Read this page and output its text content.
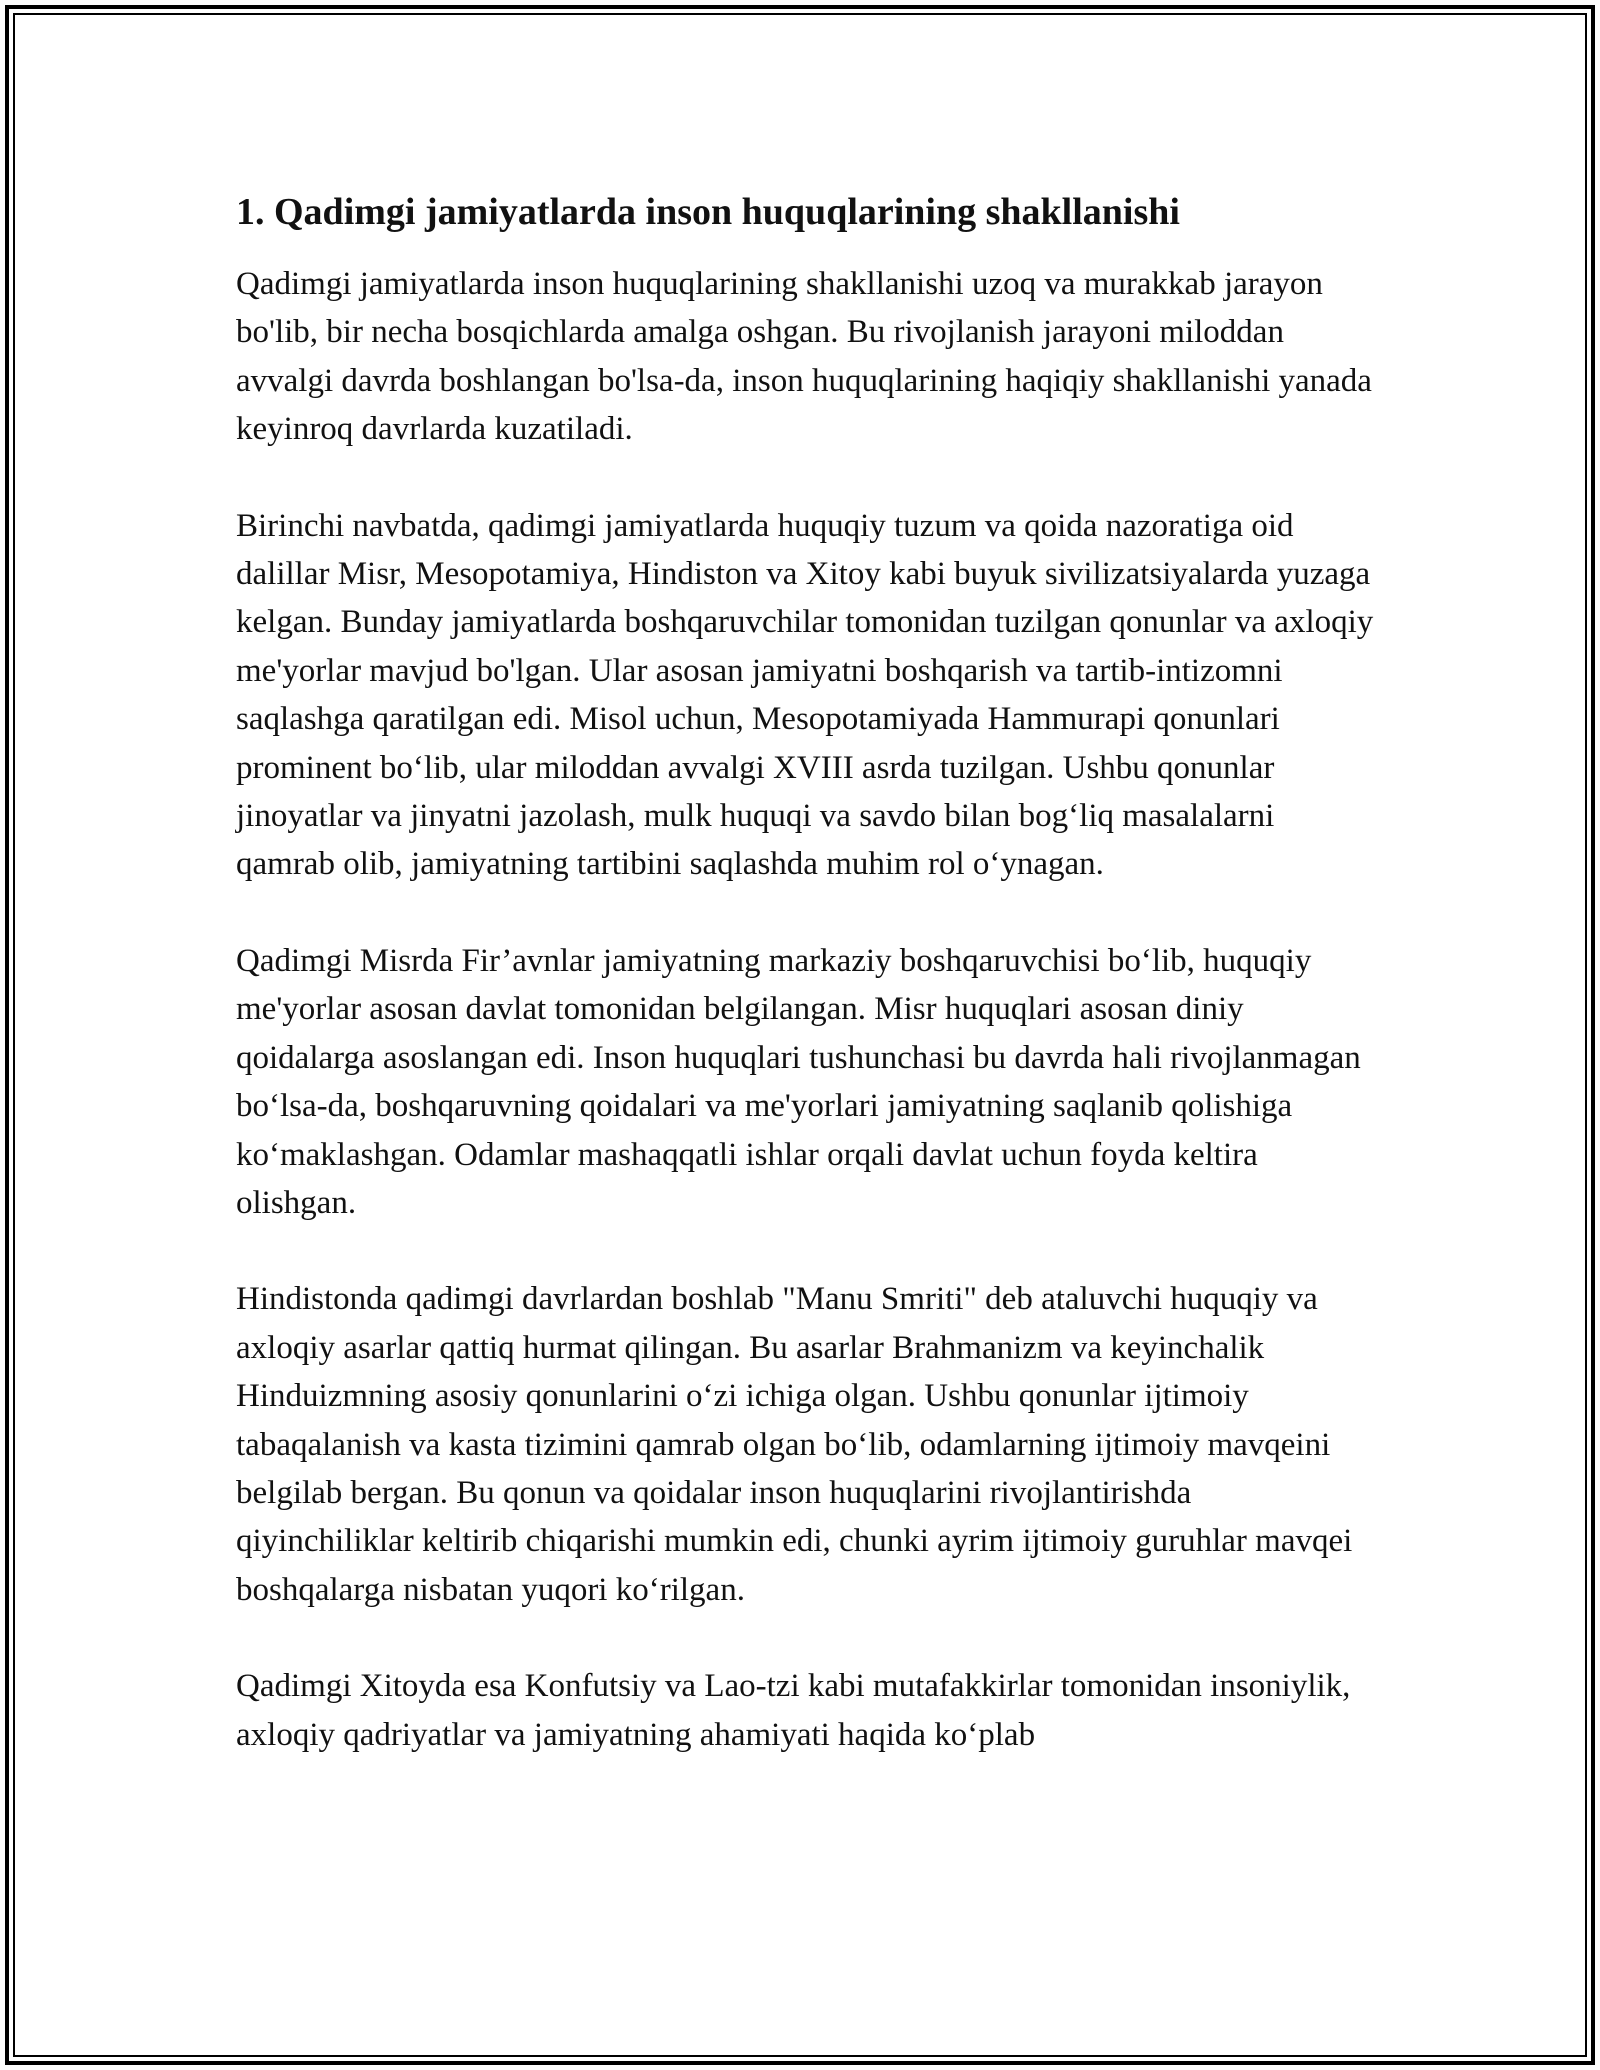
1. Qadimgi jamiyatlarda inson huquqlarining shakllanishi

Qadimgi jamiyatlarda inson huquqlarining shakllanishi uzoq va murakkab jarayon bo'lib, bir necha bosqichlarda amalga oshgan. Bu rivojlanish jarayoni miloddan avvalgi davrda boshlangan bo'lsa-da, inson huquqlarining haqiqiy shakllanishi yanada keyinroq davrlarda kuzatiladi.

Birinchi navbatda, qadimgi jamiyatlarda huquqiy tuzum va qoida nazoratiga oid dalillar Misr, Mesopotamiya, Hindiston va Xitoy kabi buyuk sivilizatsiyalarda yuzaga kelgan. Bunday jamiyatlarda boshqaruvchilar tomonidan tuzilgan qonunlar va axloqiy me'yorlar mavjud bo'lgan. Ular asosan jamiyatni boshqarish va tartib-intizomni saqlashga qaratilgan edi. Misol uchun, Mesopotamiyada Hammurapi qonunlari prominent bo‘lib, ular miloddan avvalgi XVIII asrda tuzilgan. Ushbu qonunlar jinoyatlar va jinyatni jazolash, mulk huquqi va savdo bilan bog‘liq masalalarni qamrab olib, jamiyatning tartibini saqlashda muhim rol o‘ynagan.

Qadimgi Misrda Fir’avnlar jamiyatning markaziy boshqaruvchisi bo‘lib, huquqiy me'yorlar asosan davlat tomonidan belgilangan. Misr huquqlari asosan diniy qoidalarga asoslangan edi. Inson huquqlari tushunchasi bu davrda hali rivojlanmagan bo‘lsa-da, boshqaruvning qoidalari va me'yorlari jamiyatning saqlanib qolishiga ko‘maklashgan. Odamlar mashaqqatli ishlar orqali davlat uchun foyda keltira olishgan.

Hindistonda qadimgi davrlardan boshlab "Manu Smriti" deb ataluvchi huquqiy va axloqiy asarlar qattiq hurmat qilingan. Bu asarlar Brahmanizm va keyinchalik Hinduizmning asosiy qonunlarini o‘zi ichiga olgan. Ushbu qonunlar ijtimoiy tabaqalanish va kasta tizimini qamrab olgan bo‘lib, odamlarning ijtimoiy mavqeini belgilab bergan. Bu qonun va qoidalar inson huquqlarini rivojlantirishda qiyinchiliklar keltirib chiqarishi mumkin edi, chunki ayrim ijtimoiy guruhlar mavqei boshqalarga nisbatan yuqori ko‘rilgan.

Qadimgi Xitoyda esa Konfutsiy va Lao-tzi kabi mutafakkirlar tomonidan insoniylik, axloqiy qadriyatlar va jamiyatning ahamiyati haqida ko‘plab
